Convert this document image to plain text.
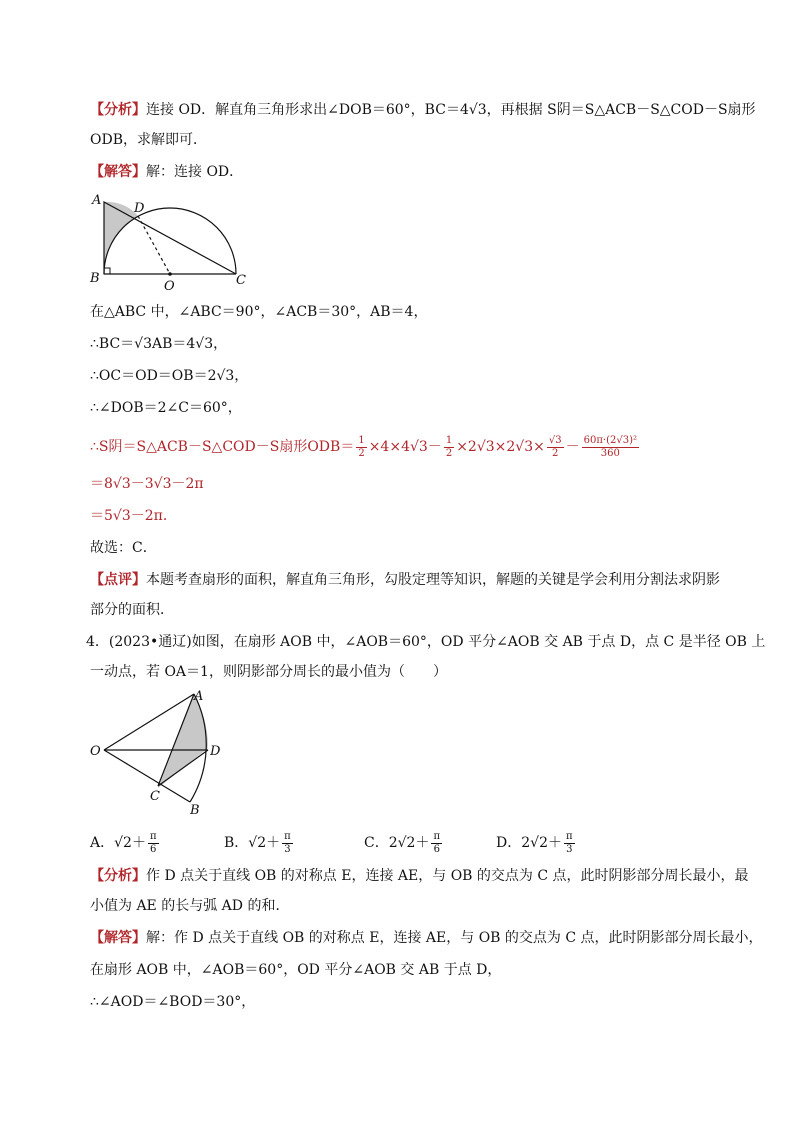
【分析】连接 OD．解直角三角形求出∠DOB＝60°，BC＝4√3，再根据 S阴＝S△ACB－S△COD－S扇形
ODB，求解即可．
【解答】解：连接 OD．
A
D
B
O	C
在△ABC 中，∠ABC＝90°，∠ACB＝30°，AB＝4，
∴BC＝√3AB＝4√3，
∴OC＝OD＝OB＝2√3，
∴∠DOB＝2∠C＝60°，
∴S阴＝S△ACB－S△COD－S扇形$ODB= \frac{1}{2} \times 4\times 4√3- \frac{1}{2} \times 2√3\times 2√3\times \frac{√3}{2} - \frac{\text{60π·(2√3)²}}{360}$
＝8√3－3√3－2π
＝5√3－2π．
故选：C．
【点评】本题考查扇形的面积，解直角三角形，勾股定理等知识，解题的关键是学会利用分割法求阴影
部分的面积．
4．(2023•通辽)如图，在扇形 AOB 中，∠AOB＝60°，OD 平分∠AOB 交 AB 于点 D，点 C 是半径 OB 上
一动点，若 OA＝1，则阴影部分周长的最小值为（　　）
A
O	D
C
B
A．$√2+ \frac{\pi}{6}$	B．$√2+ \frac{\pi}{3}$	C．$2√2+ \frac{\pi}{6}$	D．$2√2+ \frac{\pi}{3}$
【分析】作 D 点关于直线 OB 的对称点 E，连接 AE，与 OB 的交点为 C 点，此时阴影部分周长最小，最
小值为 AE 的长与弧 AD 的和．
【解答】解：作 D 点关于直线 OB 的对称点 E，连接 AE，与 OB 的交点为 C 点，此时阴影部分周长最小，
在扇形 AOB 中，∠AOB＝60°，OD 平分∠AOB 交 AB 于点 D，
∴∠AOD＝∠BOD＝30°，
